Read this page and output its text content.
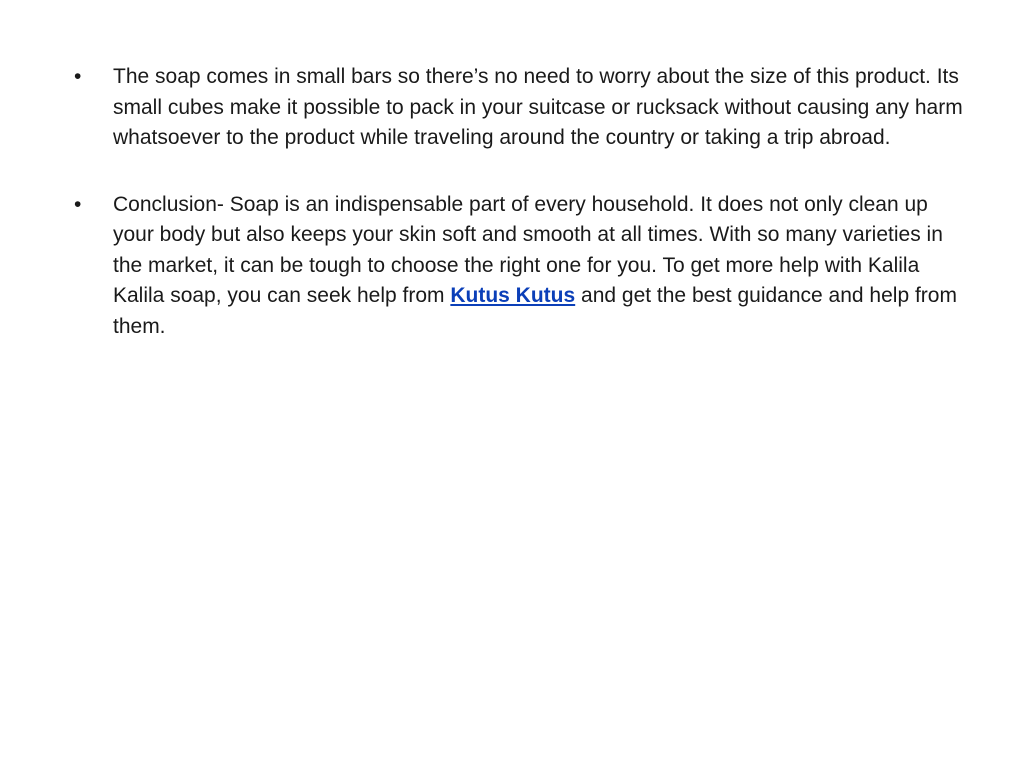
• The soap comes in small bars so there’s no need to worry about the size of this product. Its small cubes make it possible to pack in your suitcase or rucksack without causing any harm whatsoever to the product while traveling around the country or taking a trip abroad.
• Conclusion- Soap is an indispensable part of every household. It does not only clean up your body but also keeps your skin soft and smooth at all times. With so many varieties in the market, it can be tough to choose the right one for you. To get more help with Kalila Kalila soap, you can seek help from Kutus Kutus and get the best guidance and help from them.
